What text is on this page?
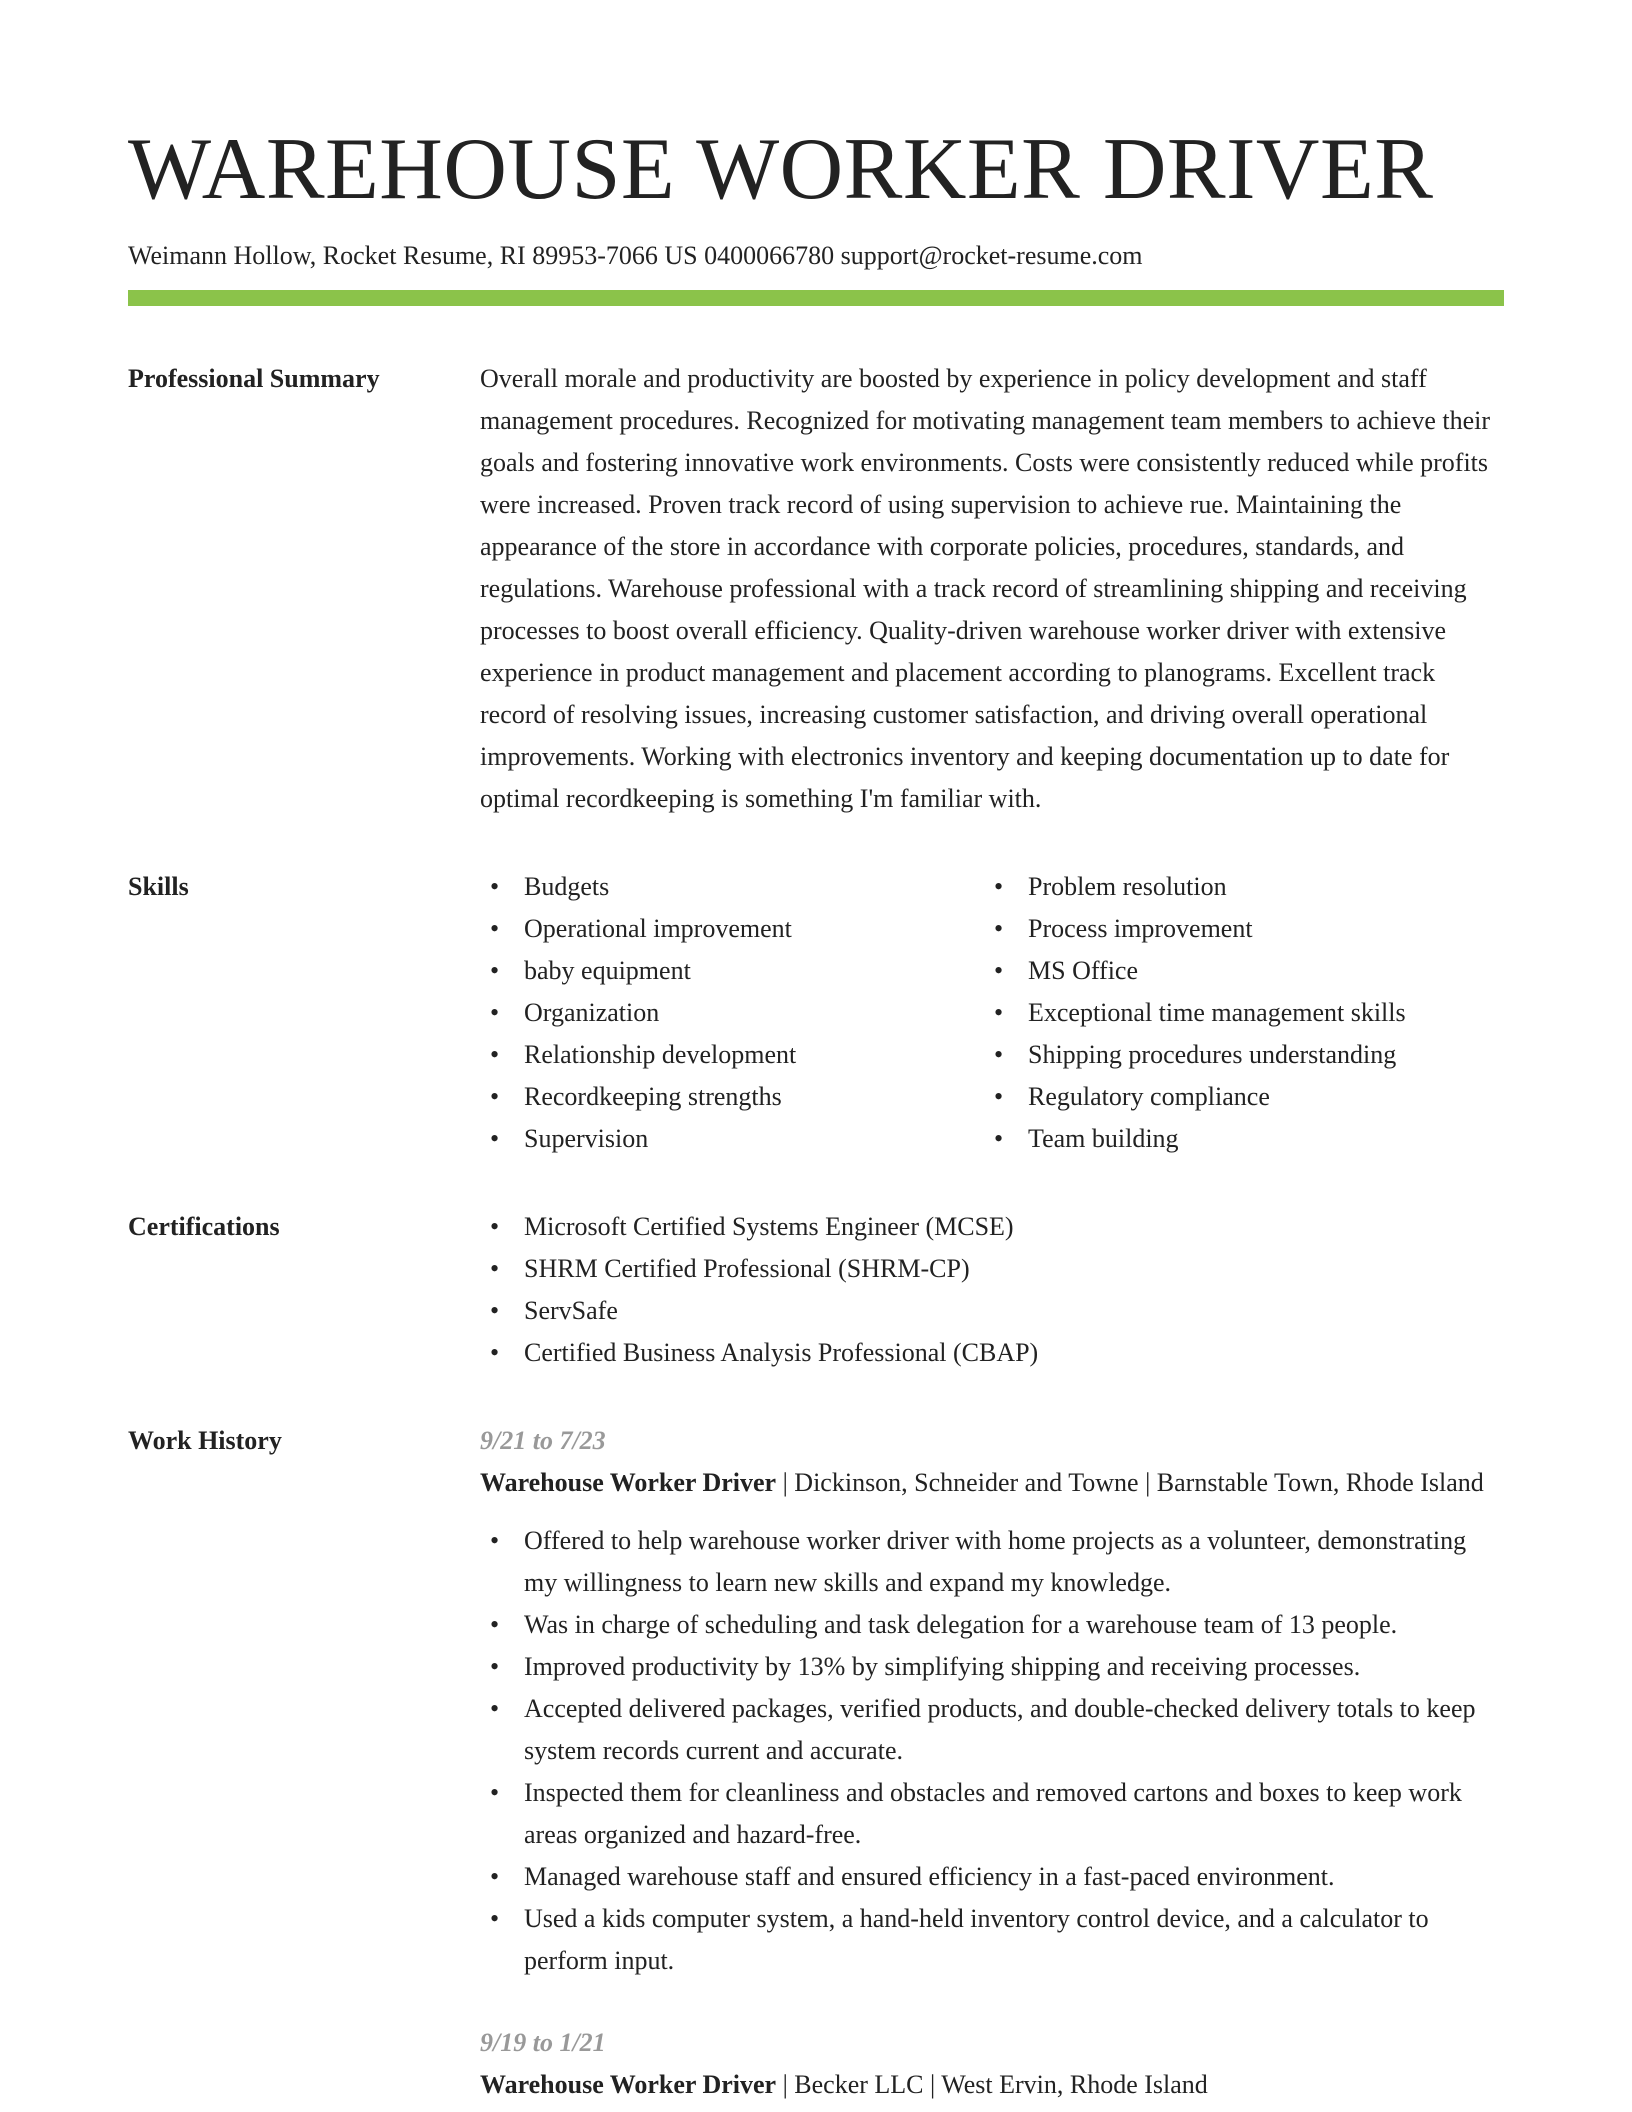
WAREHOUSE WORKER DRIVER
Weimann Hollow, Rocket Resume, RI 89953-7066 US 0400066780 support@rocket-resume.com
Professional Summary	Overall morale and productivity are boosted by experience in policy development and staff management procedures. Recognized for motivating management team members to achieve their goals and fostering innovative work environments. Costs were consistently reduced while profits were increased. Proven track record of using supervision to achieve rue. Maintaining the appearance of the store in accordance with corporate policies, procedures, standards, and regulations. Warehouse professional with a track record of streamlining shipping and receiving processes to boost overall efficiency. Quality-driven warehouse worker driver with extensive experience in product management and placement according to planograms. Excellent track record of resolving issues, increasing customer satisfaction, and driving overall operational improvements. Working with electronics inventory and keeping documentation up to date for optimal recordkeeping is something I'm familiar with.

Skills	• Budgets
• Operational improvement
• baby equipment
• Organization
• Relationship development
• Recordkeeping strengths
• Supervision
• Problem resolution
• Process improvement
• MS Office
• Exceptional time management skills
• Shipping procedures understanding
• Regulatory compliance
• Team building
Certifications	• Microsoft Certified Systems Engineer (MCSE)
• SHRM Certified Professional (SHRM-CP)
• ServSafe
• Certified Business Analysis Professional (CBAP)
Work History	9/21 to 7/23
Warehouse Worker Driver | Dickinson, Schneider and Towne | Barnstable Town, Rhode Island
• Offered to help warehouse worker driver with home projects as a volunteer, demonstrating my willingness to learn new skills and expand my knowledge.
• Was in charge of scheduling and task delegation for a warehouse team of 13 people.
• Improved productivity by 13% by simplifying shipping and receiving processes.
• Accepted delivered packages, verified products, and double-checked delivery totals to keep system records current and accurate.
• Inspected them for cleanliness and obstacles and removed cartons and boxes to keep work areas organized and hazard-free.
• Managed warehouse staff and ensured efficiency in a fast-paced environment.
• Used a kids computer system, a hand-held inventory control device, and a calculator to perform input.
9/19 to 1/21
Warehouse Worker Driver | Becker LLC | West Ervin, Rhode Island
